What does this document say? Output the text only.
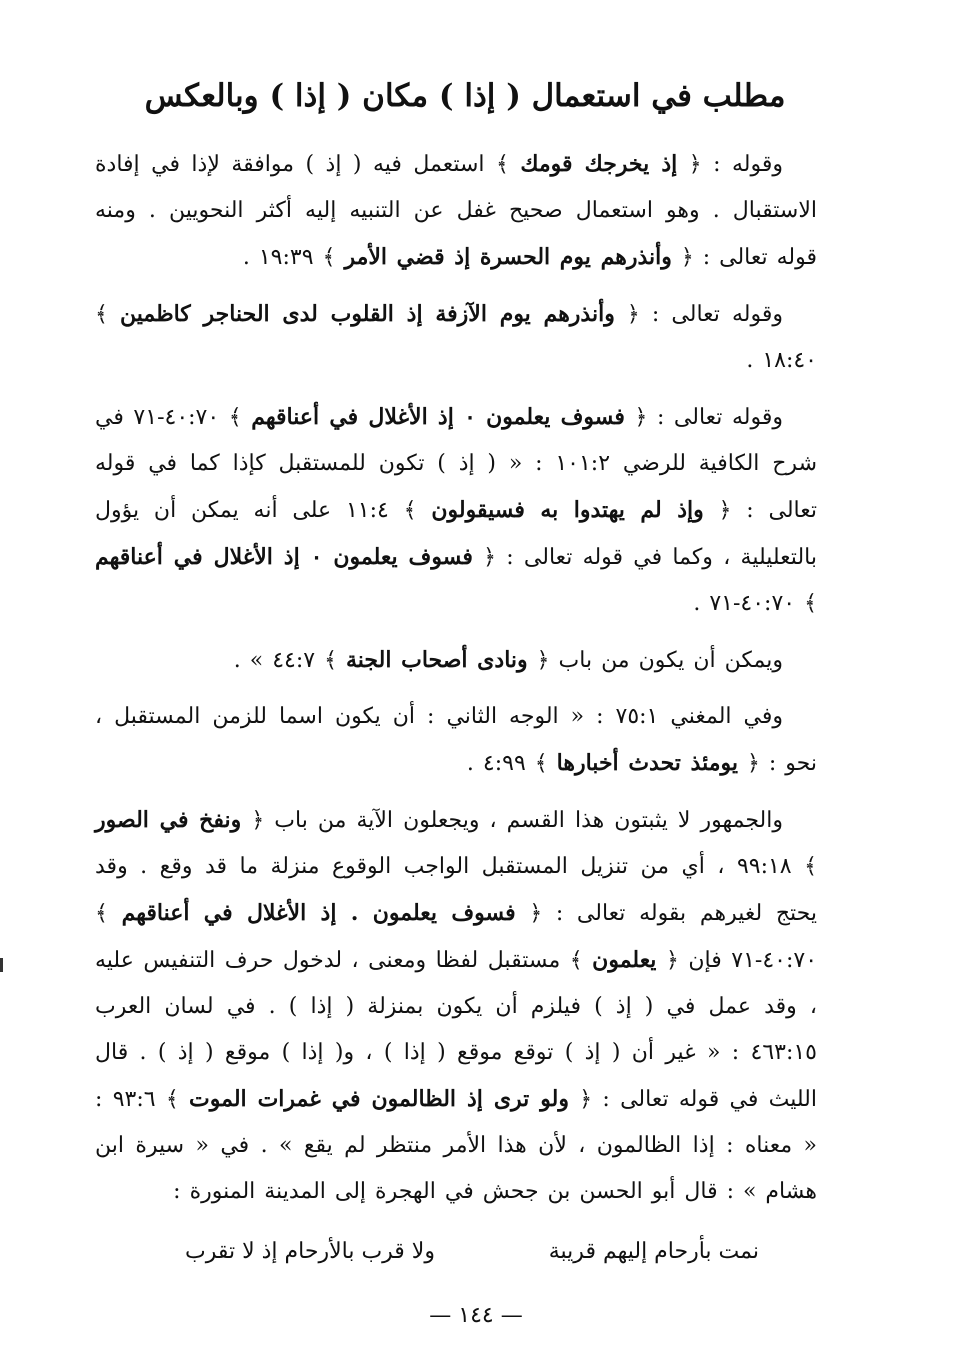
مطلب في استعمال ( إذا ) مكان ( إذا ) وبالعكس

وقوله : ﴿ إذ يخرجك قومك ﴾ استعمل فيه ( إذ ) موافقة لإذا في إفادة الاستقبال . وهو استعمال صحيح غفل عن التنبيه إليه أكثر النحويين . ومنه قوله تعالى : ﴿ وأنذرهم يوم الحسرة إذ قضي الأمر ﴾ ١٩:٣٩ .

وقوله تعالى : ﴿ وأنذرهم يوم الآزفة إذ القلوب لدى الحناجر كاظمين ﴾ ١٨:٤٠ .

وقوله تعالى : ﴿ فسوف يعلمون ۰ إذ الأغلال في أعناقهم ﴾ ٤٠:٧٠-٧١ في شرح الكافية للرضي ١٠١:٢ : « ( إذ ) تكون للمستقبل كإذا كما في قوله تعالى : ﴿ وإذ لم يهتدوا به فسيقولون ﴾ ١١:٤ على أنه يمكن أن يؤول بالتعليلية ، وكما في قوله تعالى : ﴿ فسوف يعلمون ۰ إذ الأغلال في أعناقهم ﴾ ٤٠:٧٠-٧١ .

ويمكن أن يكون من باب ﴿ ونادى أصحاب الجنة ﴾ ٤٤:٧ » .

وفي المغني ٧٥:١ : « الوجه الثاني : أن يكون اسما للزمن المستقبل ، نحو : ﴿ يومئذ تحدث أخبارها ﴾ ٤:٩٩ .

والجمهور لا يثبتون هذا القسم ، ويجعلون الآية من باب ﴿ ونفخ في الصور ﴾ ٩٩:١٨ ، أي من تنزيل المستقبل الواجب الوقوع منزلة ما قد وقع . وقد يحتج لغيرهم بقوله تعالى : ﴿ فسوف يعلمون . إذ الأغلال في أعناقهم ﴾ ٤٠:٧٠-٧١ فإن ﴿ يعلمون ﴾ مستقبل لفظا ومعنى ، لدخول حرف التنفيس عليه ، وقد عمل في ( إذ ) فيلزم أن يكون بمنزلة ( إذا ) . في لسان العرب ٤٦٣:١٥ : « غير أن ( إذ ) توقع موقع ( إذا ) ، و( إذا ) موقع ( إذ ) . قال الليث في قوله تعالى : ﴿ ولو ترى إذ الظالمون في غمرات الموت ﴾ ٩٣:٦ : « معناه : إذا الظالمون ، لأن هذا الأمر منتظر لم يقع » . في « سيرة ابن هشام » : قال أبو الحسن بن جحش في الهجرة إلى المدينة المنورة :

نمت بأرحام إليهم قريبة
ولا قرب بالأرحام إذ لا تقرب
— ١٤٤ —
